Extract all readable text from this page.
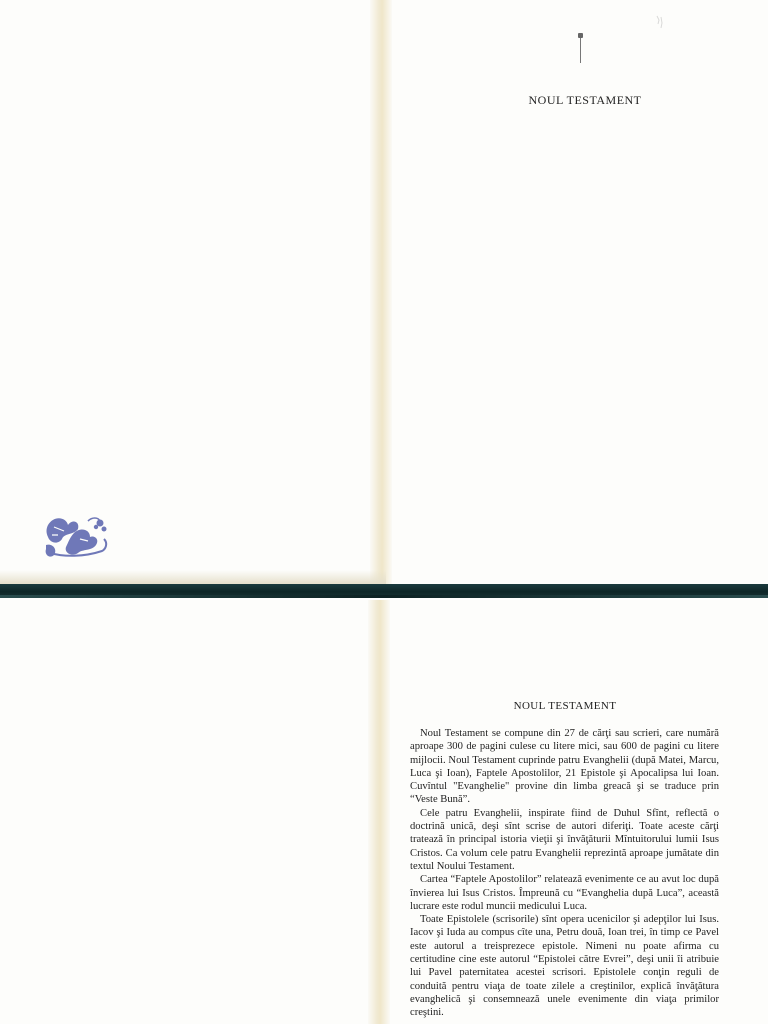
NOUL TESTAMENT
NOUL TESTAMENT

Noul Testament se compune din 27 de cărţi sau scrieri, care numără aproape 300 de pagini culese cu litere mici, sau 600 de pagini cu litere mijlocii. Noul Testament cuprinde patru Evanghelii (după Matei, Marcu, Luca şi Ioan), Faptele Apostolilor, 21 Epistole şi Apocalipsa lui Ioan. Cuvîntul "Evanghelie" provine din limba greacă şi se traduce prin “Veste Bună”.

Cele patru Evanghelii, inspirate fiind de Duhul Sfînt, reflectă o doctrină unică, deşi sînt scrise de autori diferiţi. Toate aceste cărţi tratează în principal istoria vieţii şi învăţăturii Mîntuitorului lumii Isus Cristos. Ca volum cele patru Evanghelii reprezintă aproape jumătate din textul Noului Testament.

Cartea “Faptele Apostolilor” relatează evenimente ce au avut loc după învierea lui Isus Cristos. Împreună cu “Evanghelia după Luca”, această lucrare este rodul muncii medicului Luca.

Toate Epistolele (scrisorile) sînt opera ucenicilor şi adepţilor lui Isus. Iacov şi Iuda au compus cîte una, Petru două, Ioan trei, în timp ce Pavel este autorul a treisprezece epistole. Nimeni nu poate afirma cu certitudine cine este autorul “Epistolei către Evrei”, deşi unii îi atribuie lui Pavel paternitatea acestei scrisori. Epistolele conţin reguli de conduită pentru viaţa de toate zilele a creştinilor, explică învăţătura evanghelică şi consemnează unele evenimente din viaţa primilor creştini.
